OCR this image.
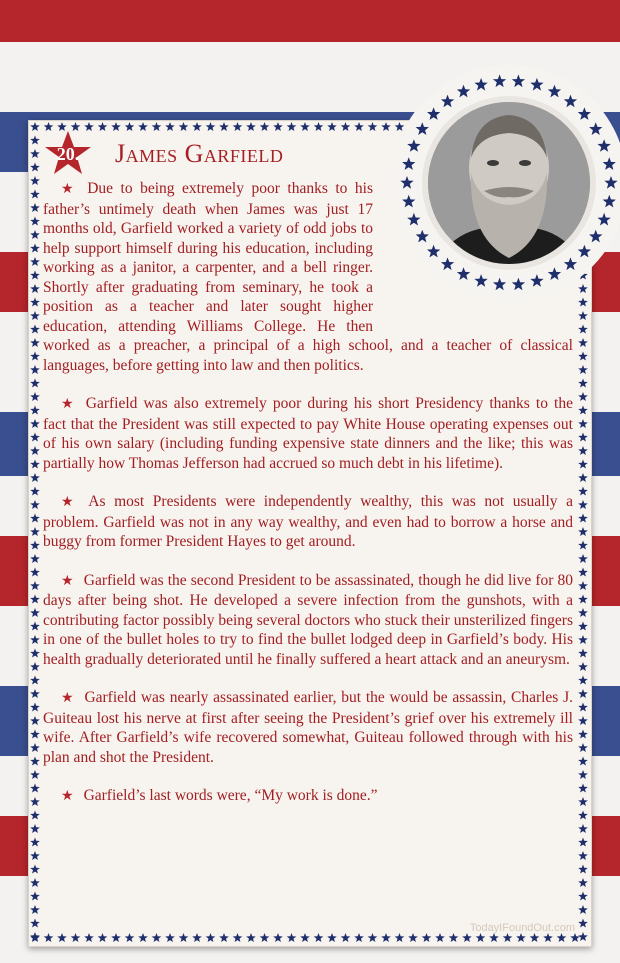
20.	James Garfield

★ Due to being extremely poor thanks to his father’s untimely death when James was just 17 months old, Garfield worked a variety of odd jobs to help support himself during his education, including working as a janitor, a carpenter, and a bell ringer. Shortly after graduating from seminary, he took a position as a teacher and later sought higher education, attending Williams College. He then worked as a preacher, a principal of a high school, and a teacher of classical languages, before getting into law and then politics.

★ Garfield was also extremely poor during his short Presidency thanks to the fact that the President was still expected to pay White House operating expenses out of his own salary (including funding expensive state dinners and the like; this was partially how Thomas Jefferson had accrued so much debt in his lifetime).

★ As most Presidents were independently wealthy, this was not usually a problem. Garfield was not in any way wealthy, and even had to borrow a horse and buggy from former President Hayes to get around.

★ Garfield was the second President to be assassinated, though he did live for 80 days after being shot. He developed a severe infection from the gunshots, with a contributing factor possibly being several doctors who stuck their unsterilized fingers in one of the bullet holes to try to find the bullet lodged deep in Garfield’s body. His health gradually deteriorated until he finally suffered a heart attack and an aneurysm.

★ Garfield was nearly assassinated earlier, but the would be assassin, Charles J. Guiteau lost his nerve at first after seeing the President’s grief over his extremely ill wife. After Garfield’s wife recovered somewhat, Guiteau followed through with his plan and shot the President.

★ Garfield’s last words were, “My work is done.”

TodayIFoundOut.com
